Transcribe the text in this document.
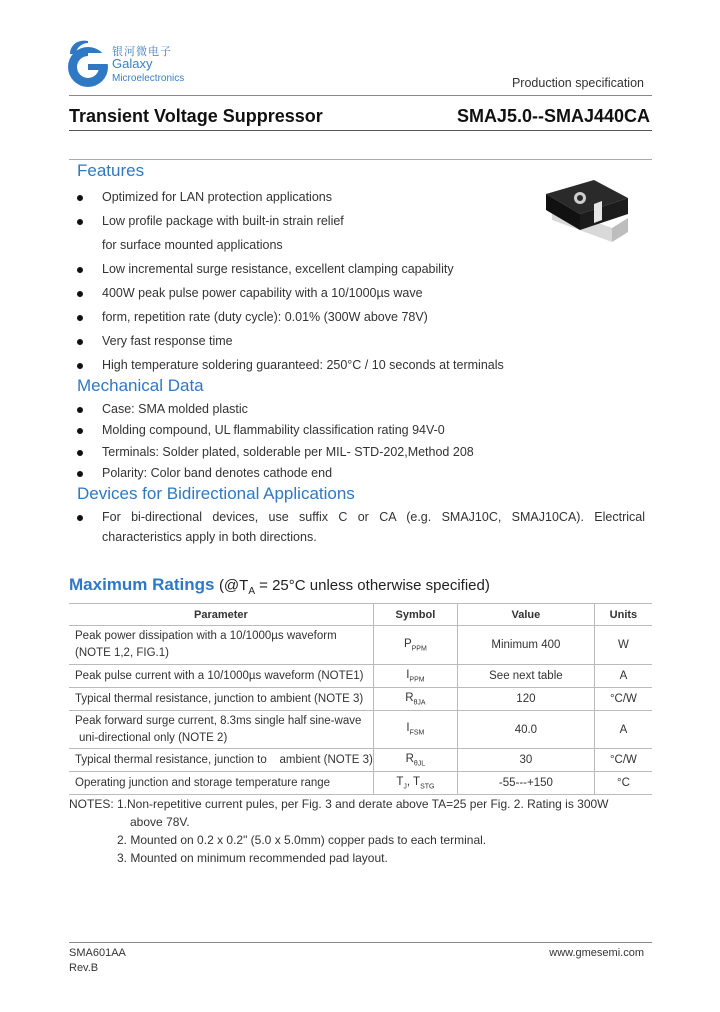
银河微电子
Galaxy
Microelectronics	Production specification
Transient Voltage Suppressor	SMAJ5.0--SMAJ440CA
Features
Optimized for LAN protection applications
Low profile package with built-in strain relief
for surface mounted applications
Low incremental surge resistance, excellent clamping capability
400W peak pulse power capability with a 10/1000µs wave
form, repetition rate (duty cycle): 0.01% (300W above 78V)
Very fast response time
High temperature soldering guaranteed: 250°C / 10 seconds at terminals
Mechanical Data
Case: SMA molded plastic
Molding compound, UL flammability classification rating 94V-0
Terminals: Solder plated, solderable per MIL- STD-202,Method 208
Polarity: Color band denotes cathode end
Devices for Bidirectional Applications
For bi-directional devices, use suffix C or CA (e.g. SMAJ10C, SMAJ10CA). Electrical
characteristics apply in both directions.
Maximum Ratings ($@T_A = 25^\circ C$ unless otherwise specified)
Parameter	Symbol	Value	Units

Peak power dissipation with a 10/1000µs waveform
(NOTE 1,2, FIG.1)	$P_{PPM}$	Minimum 400	W
Peak pulse current with a 10/1000µs waveform (NOTE1)	$I_{PPM}$	See next table	A
Typical thermal resistance, junction to ambient (NOTE 3)	$R_{\theta JA}$	120	°C/W

Peak forward surge current, 8.3ms single half sine-wave
uni-directional only (NOTE 2)	$I_{FSM}$	40.0	A
Typical thermal resistance, junction to    ambient (NOTE 3)	$R_{\theta JL}$	30	°C/W
Operating junction and storage temperature range	$T_J$, $T_{STG}$	-55---+150	°C
NOTES: 1.Non-repetitive current pules, per Fig. 3 and derate above TA=25 per Fig. 2. Rating is 300W
above 78V.
2. Mounted on 0.2 x 0.2" (5.0 x 5.0mm) copper pads to each terminal.
3. Mounted on minimum recommended pad layout.
SMA601AA
Rev.B
www.gmesemi.com
